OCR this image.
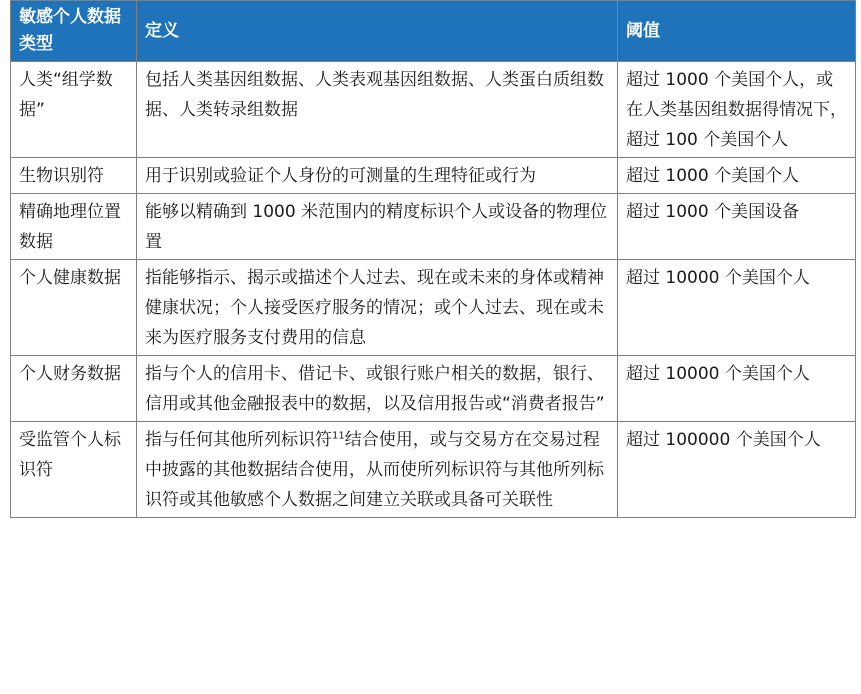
敏感个人数据类型	定义	阈值
人类“组学数据”	包括人类基因组数据、人类表观基因组数据、人类蛋白质组数据、人类转录组数据	超过 1000 个美国个人，或在人类基因组数据得情况下，超过 100 个美国个人
生物识别符	用于识别或验证个人身份的可测量的生理特征或行为	超过 1000 个美国个人
精确地理位置数据	能够以精确到 1000 米范围内的精度标识个人或设备的物理位置	超过 1000 个美国设备
个人健康数据	指能够指示、揭示或描述个人过去、现在或未来的身体或精神健康状况；个人接受医疗服务的情况；或个人过去、现在或未来为医疗服务支付费用的信息	超过 10000 个美国个人
个人财务数据	指与个人的信用卡、借记卡、或银行账户相关的数据，银行、信用或其他金融报表中的数据，以及信用报告或“消费者报告”	超过 10000 个美国个人
受监管个人标识符	指与任何其他所列标识符$^{11}$结合使用，或与交易方在交易过程中披露的其他数据结合使用，从而使所列标识符与其他所列标识符或其他敏感个人数据之间建立关联或具备可关联性	超过 100000 个美国个人
